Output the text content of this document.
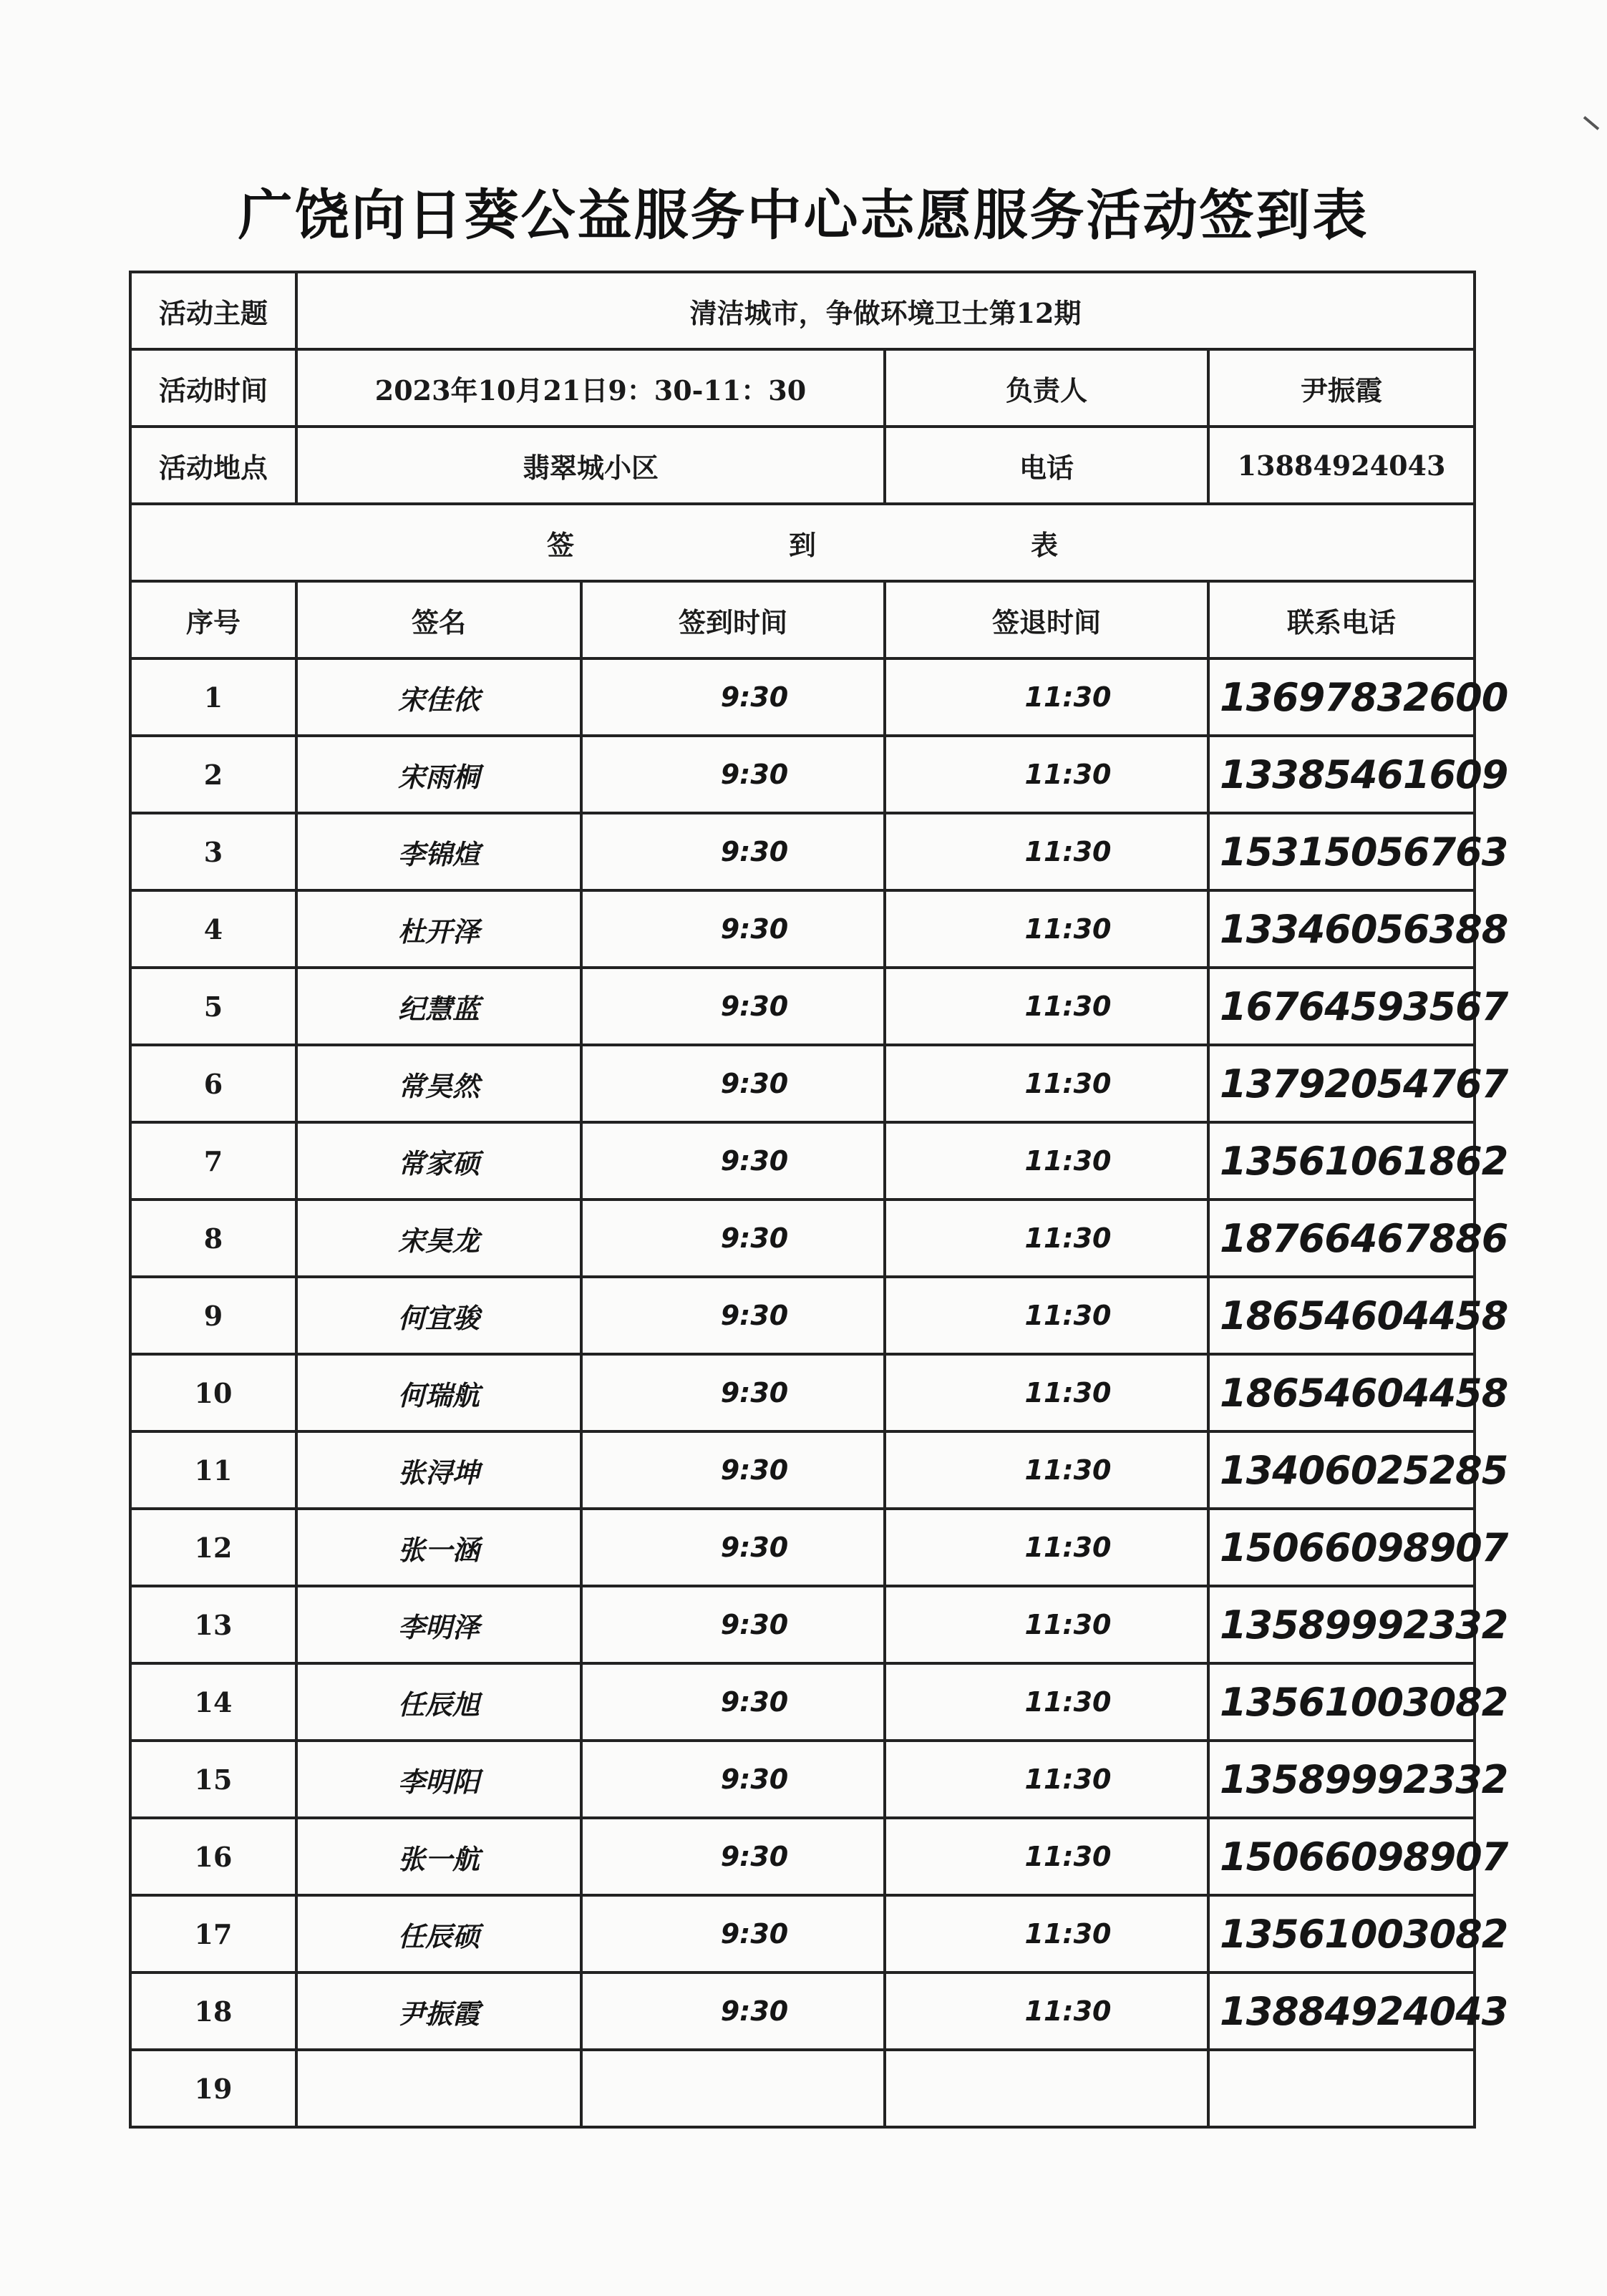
广饶向日葵公益服务中心志愿服务活动签到表
活动主题	清洁城市，争做环境卫士第12期			
活动时间	2023年10月21日9：30-11：30		负责人	尹振霞
活动地点	翡翠城小区		电话	13884924043
签 到 表				
序号	签名	签到时间	签退时间	联系电话
1	宋佳依	9:30	11:30	13697832600
2	宋雨桐	9:30	11:30	13385461609
3	李锦煊	9:30	11:30	15315056763
4	杜开泽	9:30	11:30	13346056388
5	纪慧蓝	9:30	11:30	16764593567
6	常昊然	9:30	11:30	13792054767
7	常家硕	9:30	11:30	13561061862
8	宋昊龙	9:30	11:30	18766467886
9	何宜骏	9:30	11:30	18654604458
10	何瑞航	9:30	11:30	18654604458
11	张浔坤	9:30	11:30	13406025285
12	张一涵	9:30	11:30	15066098907
13	李明泽	9:30	11:30	13589992332
14	任辰旭	9:30	11:30	13561003082
15	李明阳	9:30	11:30	13589992332
16	张一航	9:30	11:30	15066098907
17	任辰硕	9:30	11:30	13561003082
18	尹振霞	9:30	11:30	13884924043
19				
